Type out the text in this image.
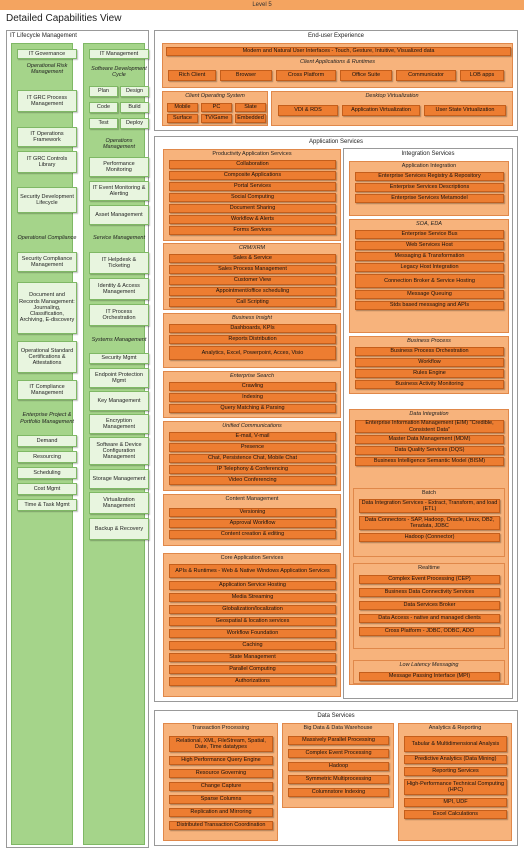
Level 5
Detailed Capabilities View
IT Lifecycle Management
IT Governance
Operational Risk Management
IT GRC Process Management
IT Operations Framework
IT GRC Controls Library
Security Development Lifecycle
Operational Compliance
Security Compliance Management
Document and Records Management: Journaling, Classification, Archiving, E-discovery
Operational Standard Certifications & Attestations
IT Compliance Management
Enterprise Project & Portfolio Management
Demand
Resourcing
Scheduling
Cost Mgmt
Time & Task Mgmt
IT Management
Software Development Cycle
Plan	Design
Code	Build
Test	Deploy
Operations Management
Performance Monitoring
IT Event Monitoring & Alerting
Asset Management
Service Management
IT Helpdesk & Ticketing
Identity & Access Management
IT Process Orchestration
Systems Management
Security Mgmt
Endpoint Protection Mgmt
Key Management
Encryption Management
Software & Device Configuration Management
Storage Management
Virtualization Management
Backup & Recovery
End-user Experience
Modern and Natural User Interfaces - Touch, Gesture, Intuitive, Visualized data
Client Applications & Runtimes
Rich Client	Browser	Cross Platform	Office Suite	Communicator	LOB apps
Client Operating System
Mobile	PC	Slate
Surface	TV/Game	Embedded
Desktop Virtualization
VDI & RDS	Application Virtualization	User State Virtualization
Application Services
Integration Services
Application Integration
Enterprise Services Registry & Repository
Enterprise Services Descriptions
Enterprise Services Metamodel
SOA, EDA
Enterprise Service Bus
Web Services Host
Messaging & Transformation
Legacy Host Integration
Connection Broker & Service Hosting
Message Queuing
Stds based messaging and APIs
Business Process
Business Process Orchestration
Workflow
Rules Engine
Business Activity Monitoring
Data Integration
Enterprise Information Management (EIM) "Credible, Consistent Data"
Master Data Management (MDM)
Data Quality Services (DQS)
Business Intelligence Semantic Model (BISM)
Batch
Data Integration Services - Extract, Transform, and load (ETL)
Data Connectors - SAP, Hadoop, Oracle, Linux, DB2, Teradata, JDBC
Hadoop (Connector)
Realtime
Complex Event Processing (CEP)
Business Data Connectivity Services
Data Services Broker
Data Access - native and managed clients
Cross Platform - JDBC, ODBC, ADO
Low Latency Messaging
Message Passing Interface (MPI)
Productivity Application Services
Collaboration
Composite Applications
Portal Services
Social Computing
Document Sharing
Workflow & Alerts
Forms Services
CRM/XRM
Sales & Service
Sales Process Management
Customer View
Appointment/office scheduling
Call Scripting
Business Insight
Dashboards, KPIs
Reports Distribution
Analytics, Excel, Powerpoint, Acces, Visio
Enterprise Search
Crawling
Indexing
Query Matching & Parsing
Unified Communications
E-mail, V-mail
Presence
Chat, Persistence Chat, Mobile Chat
IP Telephony & Conferencing
Video Conferencing
Content Management
Versioning
Approval Workflow
Content creation & editing
Core Application Services
APIs & Runtimes - Web & Native Windows Application Services
Application Service Hosting
Media Streaming
Globalization/localization
Geospatial & location services
Workflow Foundation
Caching
State Management
Parallel Computing
Authorizations
Data Services
Transaction Processing
Relational, XML, FileStream, Spatial, Date, Time datatypes
High Performance Query Engine
Resource Governing
Change Capture
Sparse Columns
Replication and Mirroring
Distributed Transaction Coordination
Big Data & Data Warehouse
Massively Parallel Processing
Complex Event Processing
Hadoop
Symmetric Multiprocessing
Columnstore Indexing
Analytics & Reporting
Tabular & Multidimensional Analysis
Predictive Analytics (Data Mining)
Reporting Services
High-Performance Technical Computing (HPC)
MPI, UDF
Excel Calculations
